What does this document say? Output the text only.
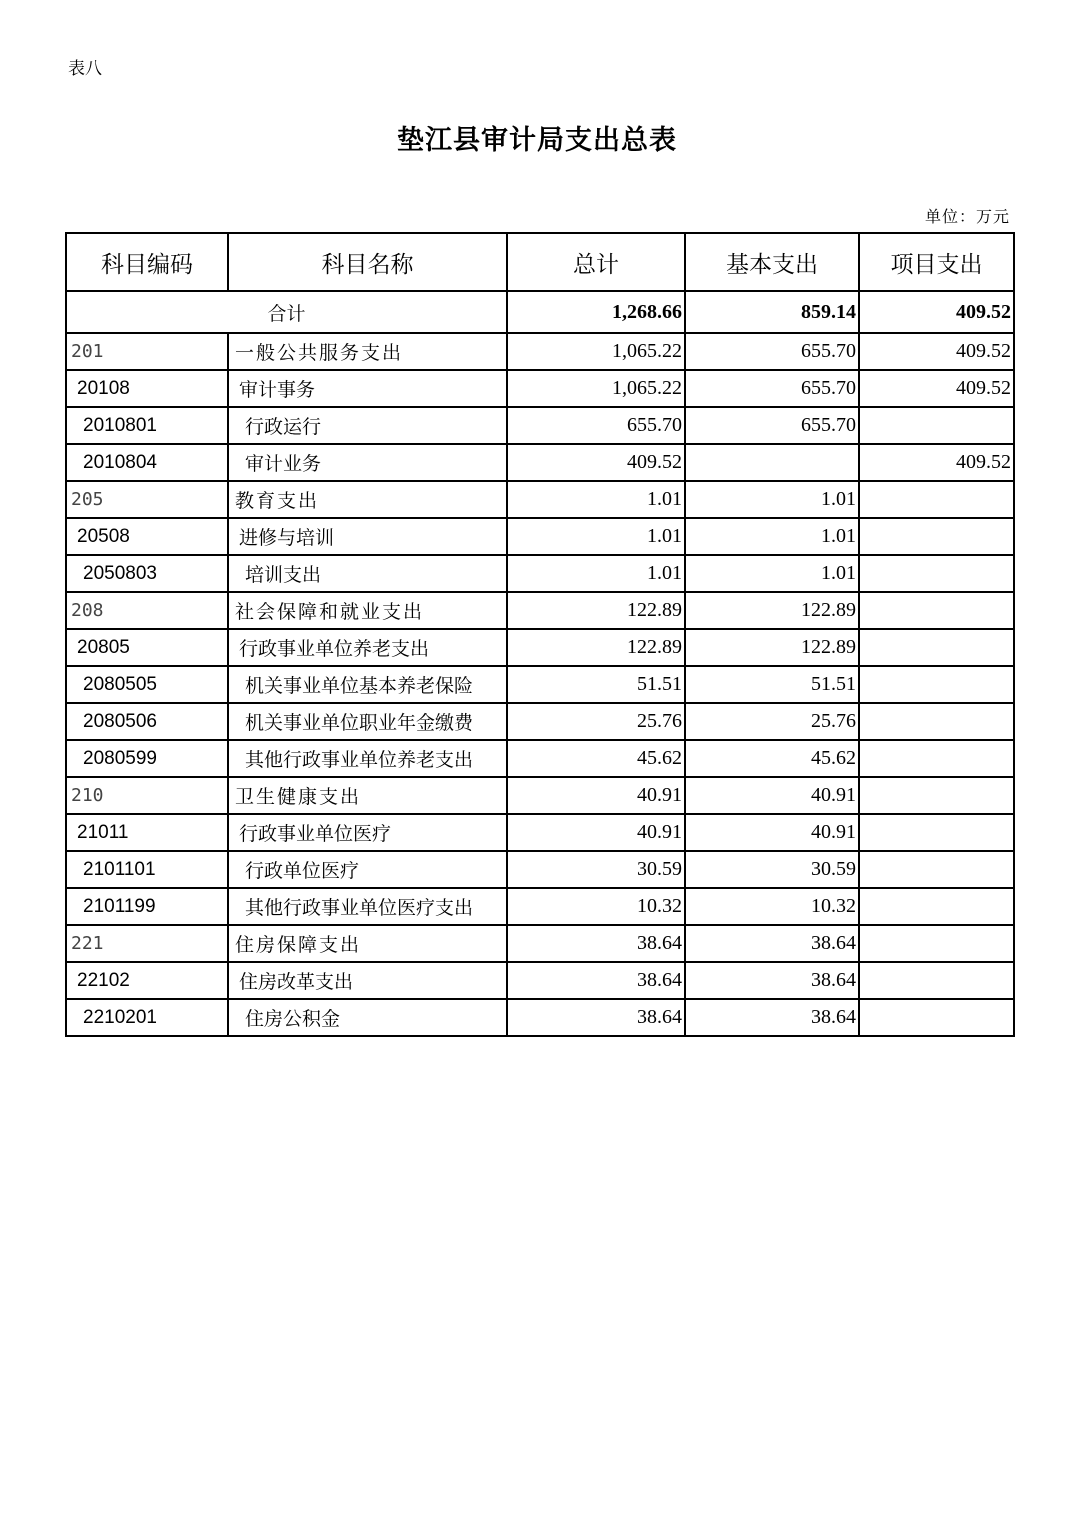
表八
垫江县审计局支出总表
单位：万元
科目编码	科目名称	总计	基本支出	项目支出
合计		1,268.66	859.14	409.52
201	一般公共服务支出	1,065.22	655.70	409.52
20108	审计事务	1,065.22	655.70	409.52
2010801	行政运行	655.70	655.70	
2010804	审计业务	409.52		409.52
205	教育支出	1.01	1.01	
20508	进修与培训	1.01	1.01	
2050803	培训支出	1.01	1.01	
208	社会保障和就业支出	122.89	122.89	
20805	行政事业单位养老支出	122.89	122.89	
2080505	机关事业单位基本养老保险	51.51	51.51	
2080506	机关事业单位职业年金缴费	25.76	25.76	
2080599	其他行政事业单位养老支出	45.62	45.62	
210	卫生健康支出	40.91	40.91	
21011	行政事业单位医疗	40.91	40.91	
2101101	行政单位医疗	30.59	30.59	
2101199	其他行政事业单位医疗支出	10.32	10.32	
221	住房保障支出	38.64	38.64	
22102	住房改革支出	38.64	38.64	
2210201	住房公积金	38.64	38.64	
